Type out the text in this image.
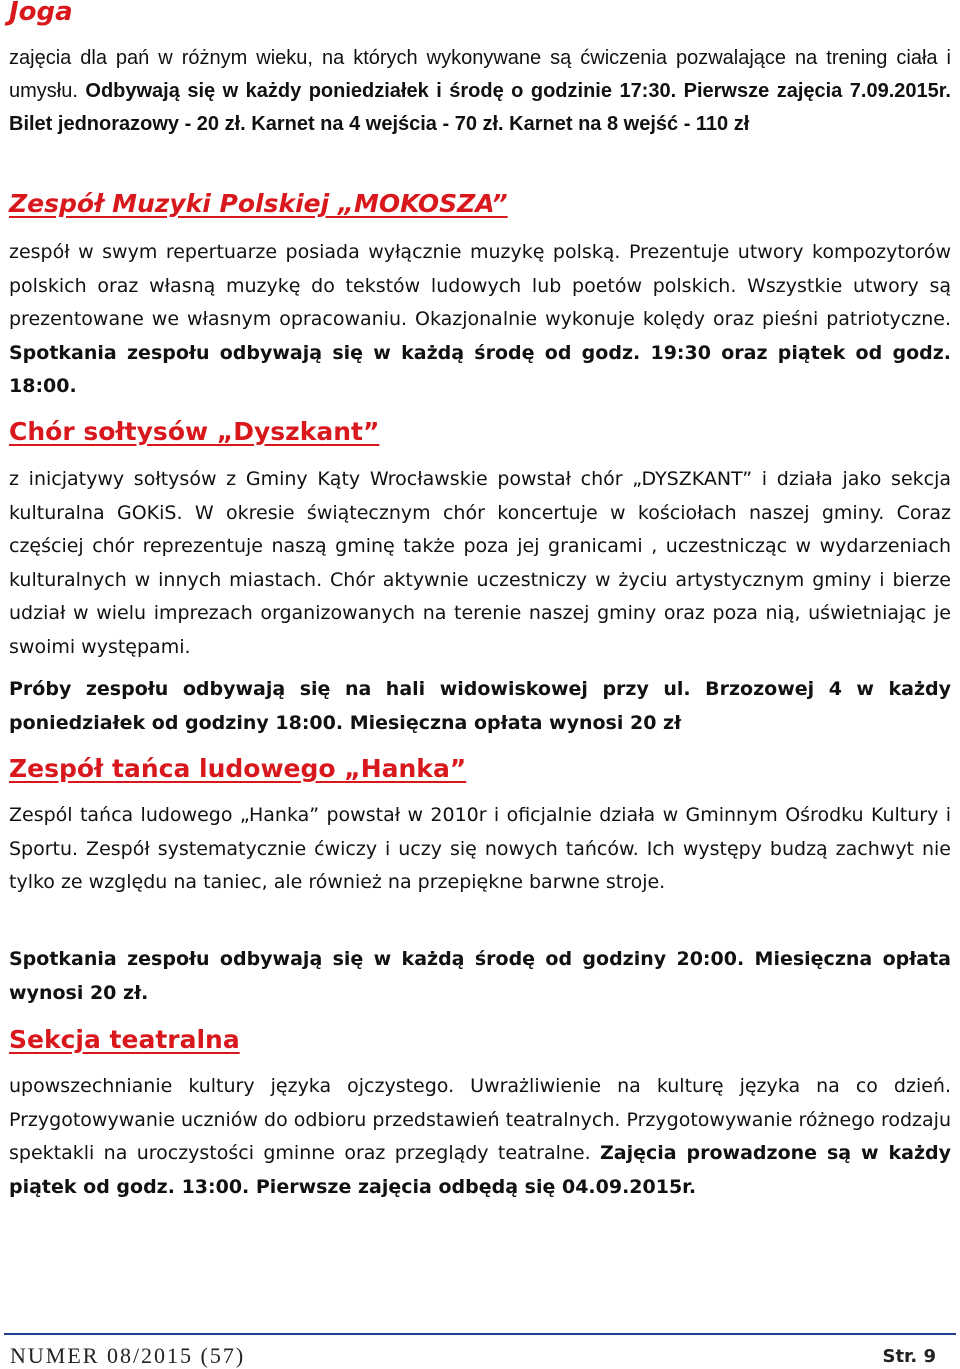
Joga

zajęcia dla pań w różnym wieku, na których wykonywane są ćwiczenia pozwalające na trening ciała i umysłu. Odbywają się w każdy poniedziałek i środę o godzinie 17:30. Pierwsze zajęcia 7.09.2015r. Bilet jednorazowy - 20 zł. Karnet na 4 wejścia - 70 zł. Karnet na 8 wejść - 110 zł

Zespół Muzyki Polskiej „MOKOSZA”

zespół w swym repertuarze posiada wyłącznie muzykę polską. Prezentuje utwory kompozytorów polskich oraz własną muzykę do tekstów ludowych lub poetów polskich. Wszystkie utwory są prezentowane we własnym opracowaniu. Okazjonalnie wykonuje kolędy oraz pieśni patriotyczne. Spotkania zespołu odbywają się w każdą środę od godz. 19:30 oraz piątek od godz. 18:00.

Chór sołtysów „Dyszkant”

z inicjatywy sołtysów z Gminy Kąty Wrocławskie powstał chór „DYSZKANT” i działa jako sekcja kulturalna GOKiS. W okresie świątecznym chór koncertuje w kościołach naszej gminy. Coraz częściej chór reprezentuje naszą gminę także poza jej granicami , uczestnicząc w wydarzeniach kulturalnych w innych miastach. Chór aktywnie uczestniczy w życiu artystycznym gminy i bierze udział w wielu imprezach organizowanych na terenie naszej gminy oraz poza nią, uświetniając je swoimi występami.

Próby zespołu odbywają się na hali widowiskowej przy ul. Brzozowej 4 w każdy poniedziałek od godziny 18:00. Miesięczna opłata wynosi 20 zł

Zespół tańca ludowego „Hanka”

Zespól tańca ludowego „Hanka” powstał w 2010r i oficjalnie działa w Gminnym Ośrodku Kultury i Sportu. Zespół systematycznie ćwiczy i uczy się nowych tańców. Ich występy budzą zachwyt nie tylko ze względu na taniec, ale również na przepiękne barwne stroje.

Spotkania zespołu odbywają się w każdą środę od godziny 20:00. Miesięczna opłata wynosi 20 zł.

Sekcja teatralna

upowszechnianie kultury języka ojczystego. Uwrażliwienie na kulturę języka na co dzień. Przygotowywanie uczniów do odbioru przedstawień teatralnych. Przygotowywanie różnego rodzaju spektakli na uroczystości gminne oraz przeglądy teatralne. Zajęcia prowadzone są w każdy piątek od godz. 13:00. Pierwsze zajęcia odbędą się 04.09.2015r.

NUMER 08/2015 (57)	Str. 9
